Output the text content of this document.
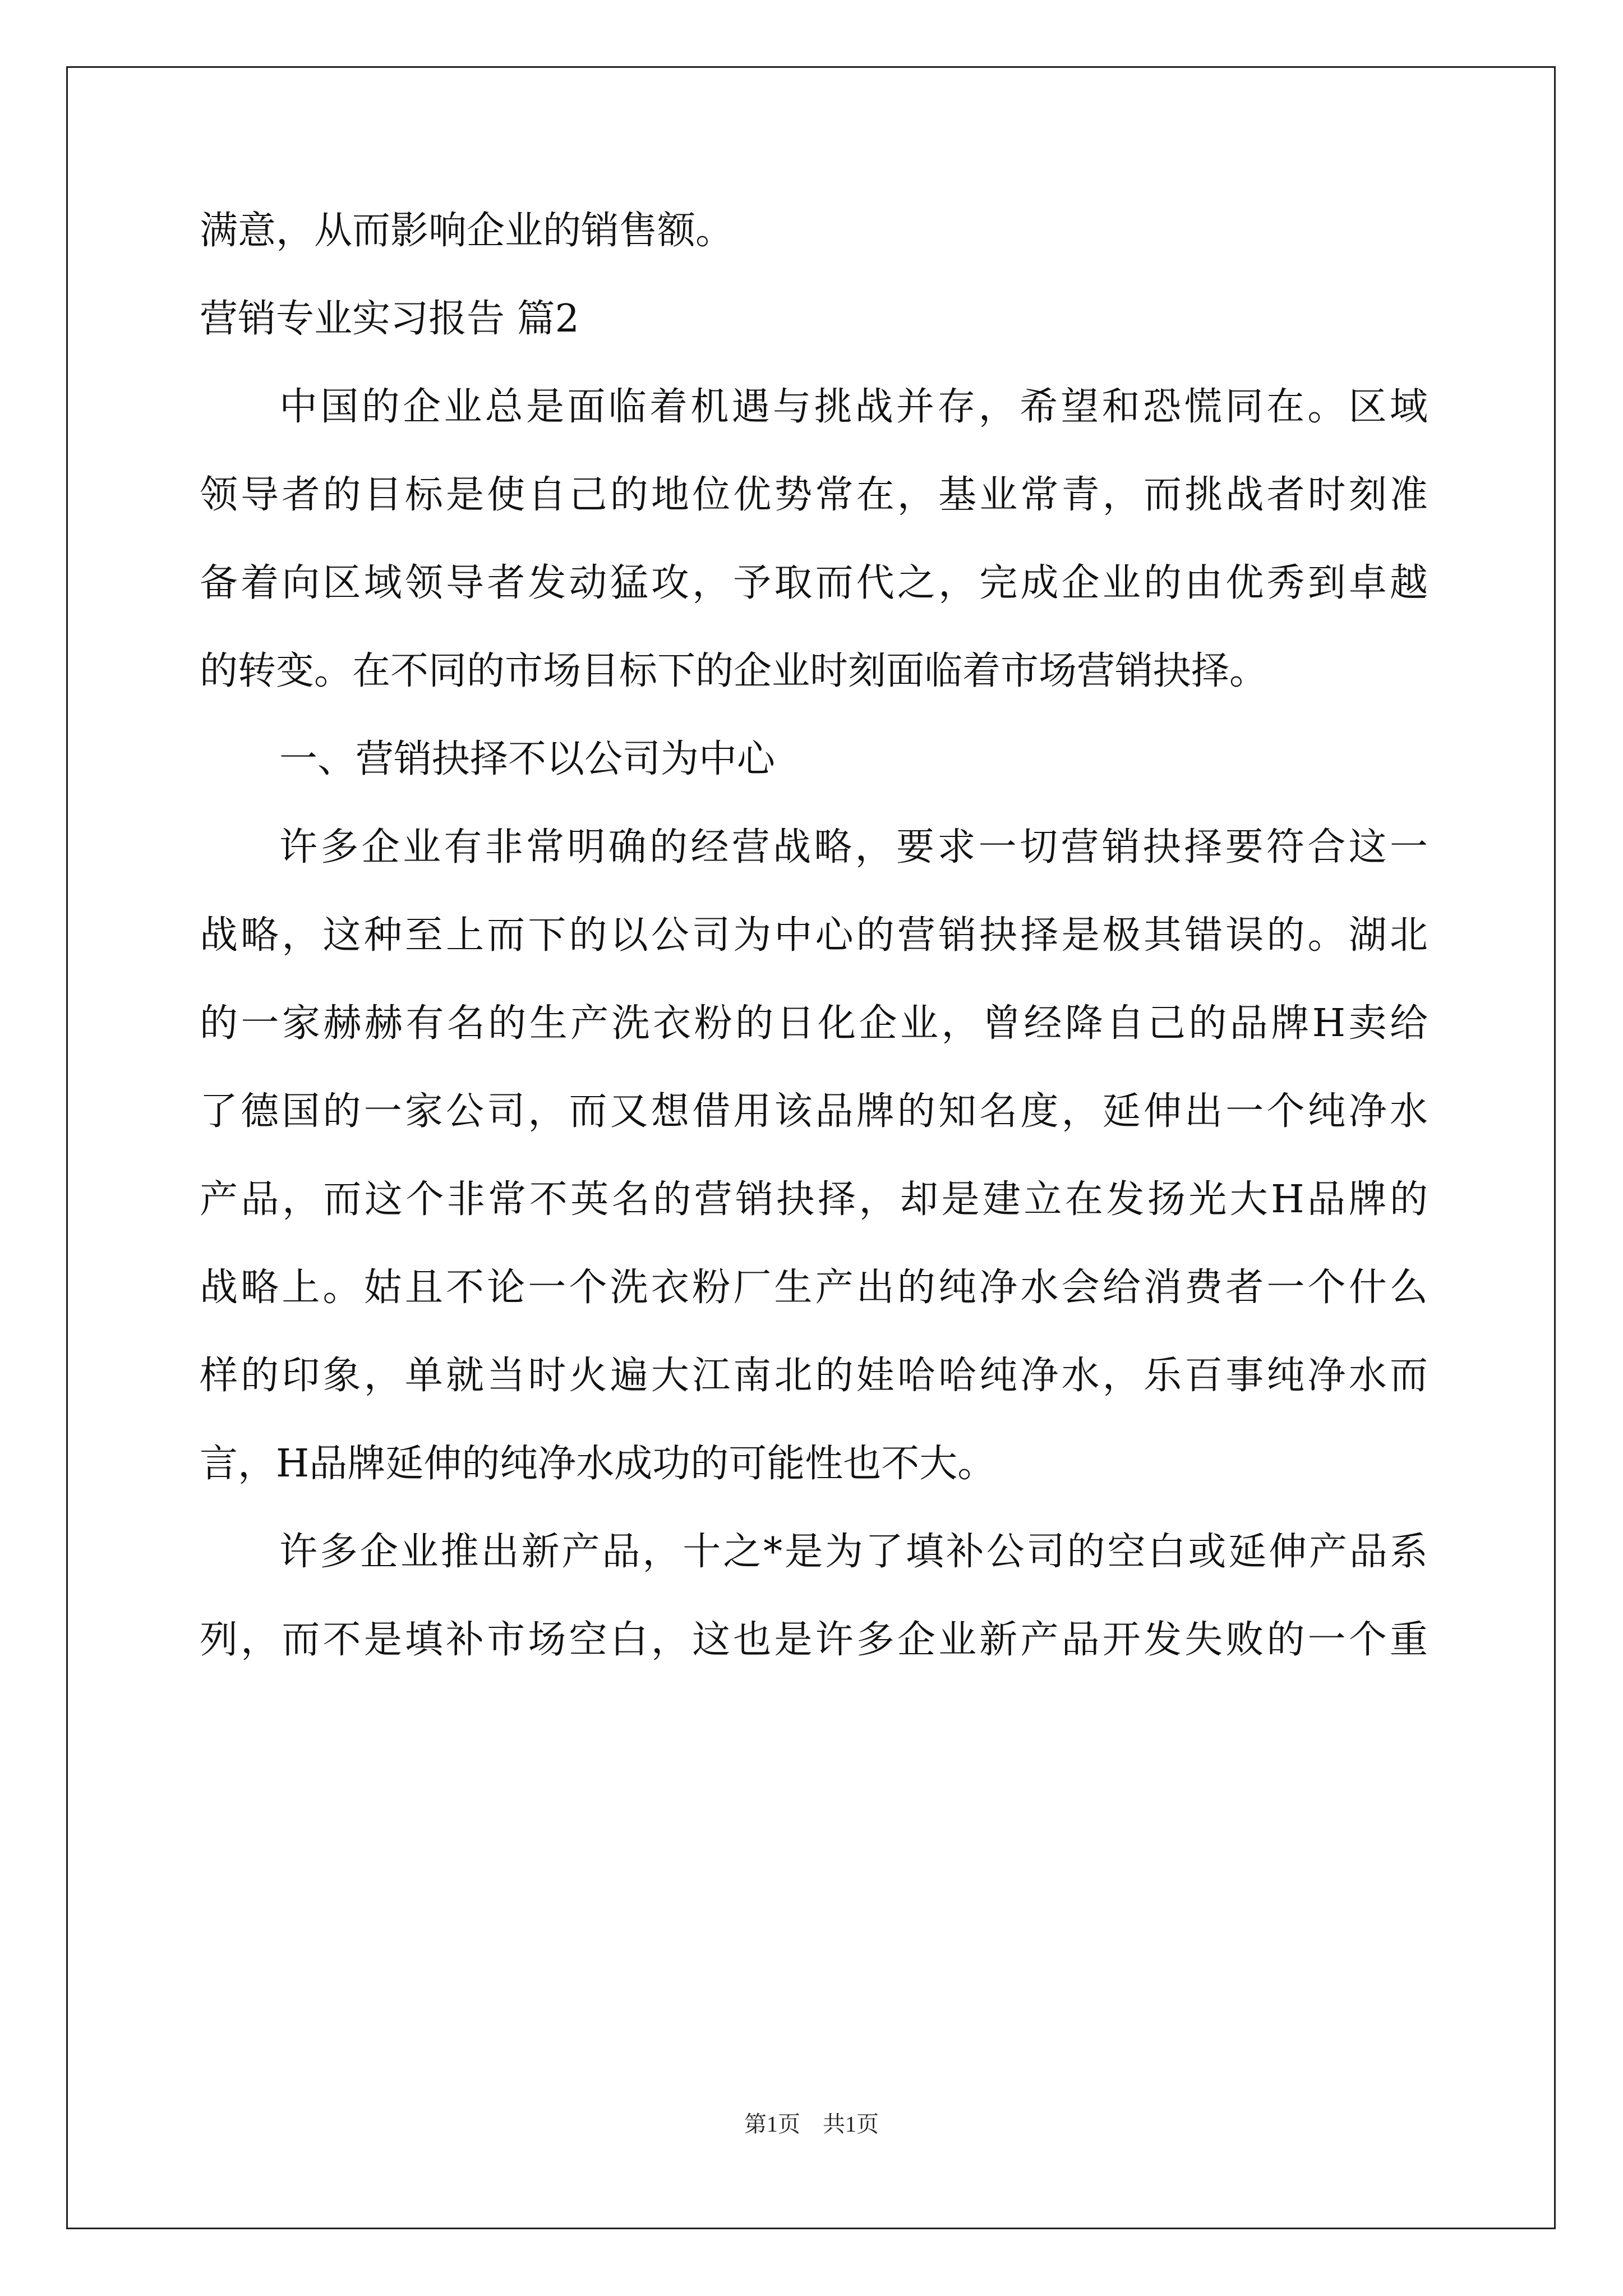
满意，从而影响企业的销售额。
营销专业实习报告 篇2
中国的企业总是面临着机遇与挑战并存，希望和恐慌同在。区域
领导者的目标是使自己的地位优势常在，基业常青，而挑战者时刻准
备着向区域领导者发动猛攻，予取而代之，完成企业的由优秀到卓越
的转变。在不同的市场目标下的企业时刻面临着市场营销抉择。
一、营销抉择不以公司为中心
许多企业有非常明确的经营战略，要求一切营销抉择要符合这一
战略，这种至上而下的以公司为中心的营销抉择是极其错误的。湖北
的一家赫赫有名的生产洗衣粉的日化企业，曾经降自己的品牌H卖给
了德国的一家公司，而又想借用该品牌的知名度，延伸出一个纯净水
产品，而这个非常不英名的营销抉择，却是建立在发扬光大H品牌的
战略上。姑且不论一个洗衣粉厂生产出的纯净水会给消费者一个什么
样的印象，单就当时火遍大江南北的娃哈哈纯净水，乐百事纯净水而
言，H品牌延伸的纯净水成功的可能性也不大。
许多企业推出新产品，十之*是为了填补公司的空白或延伸产品系
列，而不是填补市场空白，这也是许多企业新产品开发失败的一个重
第1页　共1页
